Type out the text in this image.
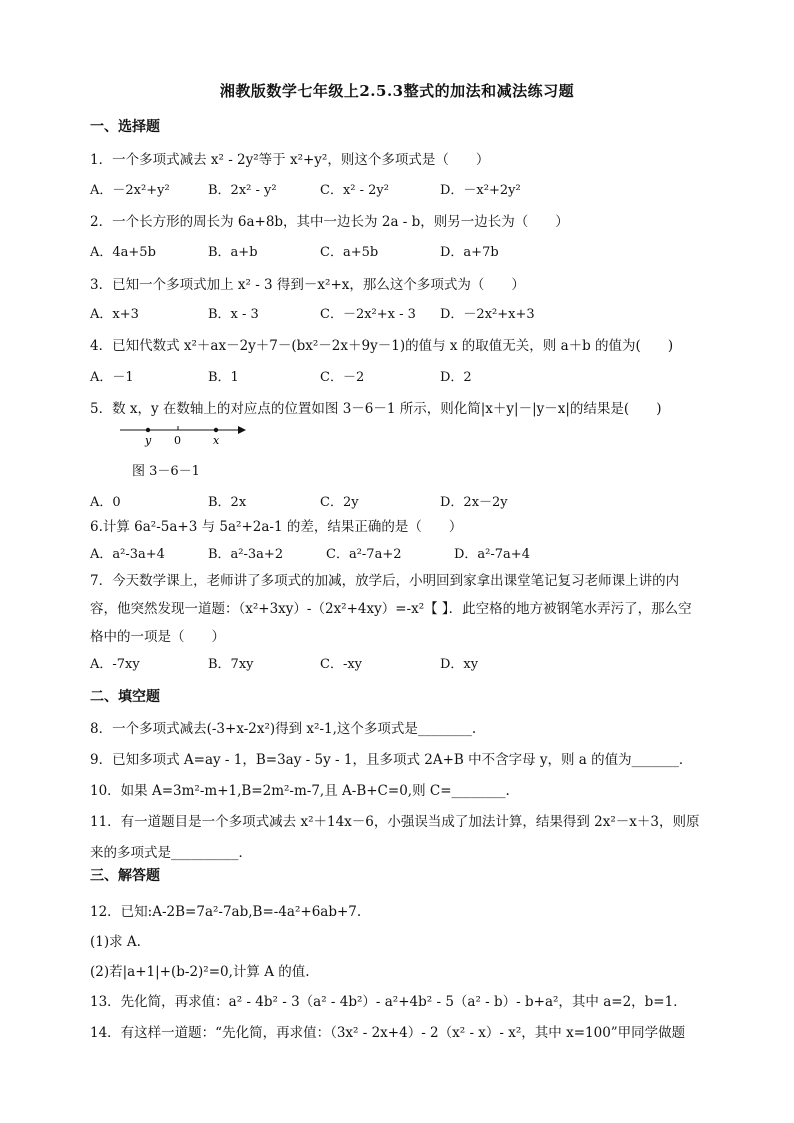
湘教版数学七年级上2.5.3整式的加法和减法练习题
一、选择题
1．一个多项式减去 x² - 2y²等于 x²+y²，则这个多项式是（　　）
A．－2x²+y²	B．2x² - y²	C．x² - 2y²	D．－x²+2y²
2．一个长方形的周长为 6a+8b，其中一边长为 2a - b，则另一边长为（　　）
A．4a+5b	B．a+b	C．a+5b	D．a+7b
3．已知一个多项式加上 x² - 3 得到－x²+x，那么这个多项式为（　　）
A．x+3	B．x - 3	C．－2x²+x - 3 D．－2x²+x+3
4．已知代数式 x²＋ax－2y＋7－(bx²－2x＋9y－1)的值与 x 的取值无关，则 a＋b 的值为(　　)
A．－1	B．1	C．－2	D．2
5．数 x，y 在数轴上的对应点的位置如图 3－6－1 所示，则化简|x＋y|－|y－x|的结果是(　　)
y 0	x
图 3－6－1
A．0	B．2x	C．2y	D．2x－2y
6.计算 6a²-5a+3 与 5a²+2a-1 的差，结果正确的是（　　）
A．a²-3a+4	B．a²-3a+2	C．a²-7a+2	D．a²-7a+4
7．今天数学课上，老师讲了多项式的加减，放学后，小明回到家拿出课堂笔记复习老师课上讲的内
容，他突然发现一道题：（x²+3xy）-（2x²+4xy）=-x²【 】．此空格的地方被钢笔水弄污了，那么空
格中的一项是（　　）
A．-7xy	B．7xy	C．-xy	D．xy
二、填空题
8．一个多项式减去(-3+x-2x²)得到 x²-1,这个多项式是________.
9．已知多项式 A=ay - 1，B=3ay - 5y - 1，且多项式 2A+B 中不含字母 y，则 a 的值为_______．
10．如果 A=3m²-m+1,B=2m²-m-7,且 A-B+C=0,则 C=________.
11．有一道题目是一个多项式减去 x²＋14x－6，小强误当成了加法计算，结果得到 2x²－x＋3，则原
来的多项式是__________．
三、解答题
12．已知:A-2B=7a²-7ab,B=-4a²+6ab+7.
(1)求 A.
(2)若|a+1|+(b-2)²=0,计算 A 的值.
13．先化简，再求值：a² - 4b² - 3（a² - 4b²）- a²+4b² - 5（a² - b）- b+a²，其中 a=2，b=1．
14．有这样一道题：“先化简，再求值：（3x² - 2x+4）- 2（x² - x）- x²，其中 x=100”甲同学做题
